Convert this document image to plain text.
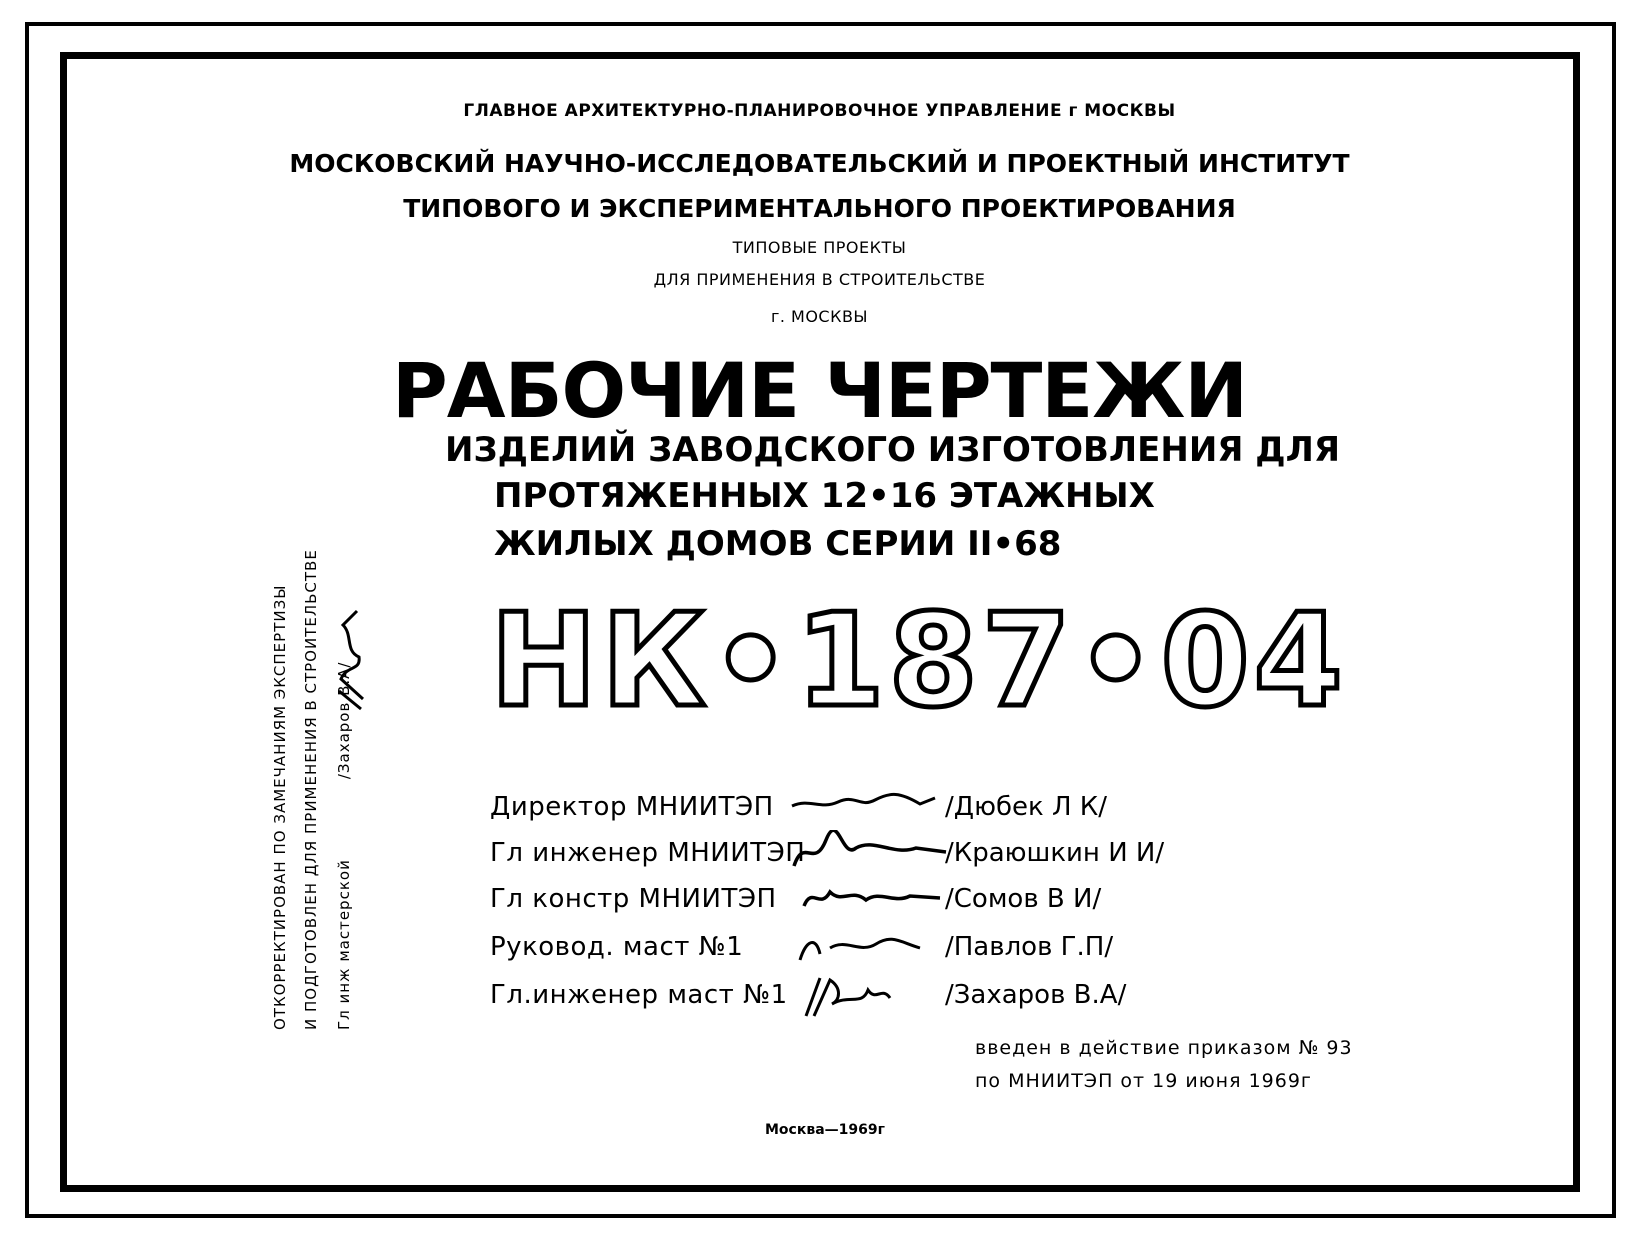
ГЛАВНОЕ АРХИТЕКТУРНО-ПЛАНИРОВОЧНОЕ УПРАВЛЕНИЕ г МОСКВЫ
МОСКОВСКИЙ НАУЧНО-ИССЛЕДОВАТЕЛЬСКИЙ И ПРОЕКТНЫЙ ИНСТИТУТ
ТИПОВОГО И ЭКСПЕРИМЕНТАЛЬНОГО ПРОЕКТИРОВАНИЯ
ТИПОВЫЕ ПРОЕКТЫ
ДЛЯ ПРИМЕНЕНИЯ В СТРОИТЕЛЬСТВЕ
г. МОСКВЫ
РАБОЧИЕ ЧЕРТЕЖИ
ИЗДЕЛИЙ ЗАВОДСКОГО ИЗГОТОВЛЕНИЯ ДЛЯ
ПРОТЯЖЕННЫХ 12•16 ЭТАЖНЫХ
ЖИЛЫХ ДОМОВ СЕРИИ II•68
НК•187•04
Директор МНИИТЭП	/Дюбек Л К/
Гл инженер МНИИТЭП	/Краюшкин И И/
Гл констр МНИИТЭП	/Сомов В И/
Руковод. маст №1	/Павлов Г.П/
Гл.инженер маст №1	/Захаров В.А/
ОТКОРРЕКТИРОВАН ПО ЗАМЕЧАНИЯМ ЭКСПЕРТИЗЫ И ПОДГОТОВЛЕН ДЛЯ ПРИМЕНЕНИЯ В СТРОИТЕЛЬСТВЕ Гл инж мастерской/Захаров В.А/
введен в действие приказом № 93
по МНИИТЭП от 19 июня 1969г
Москва—1969г
